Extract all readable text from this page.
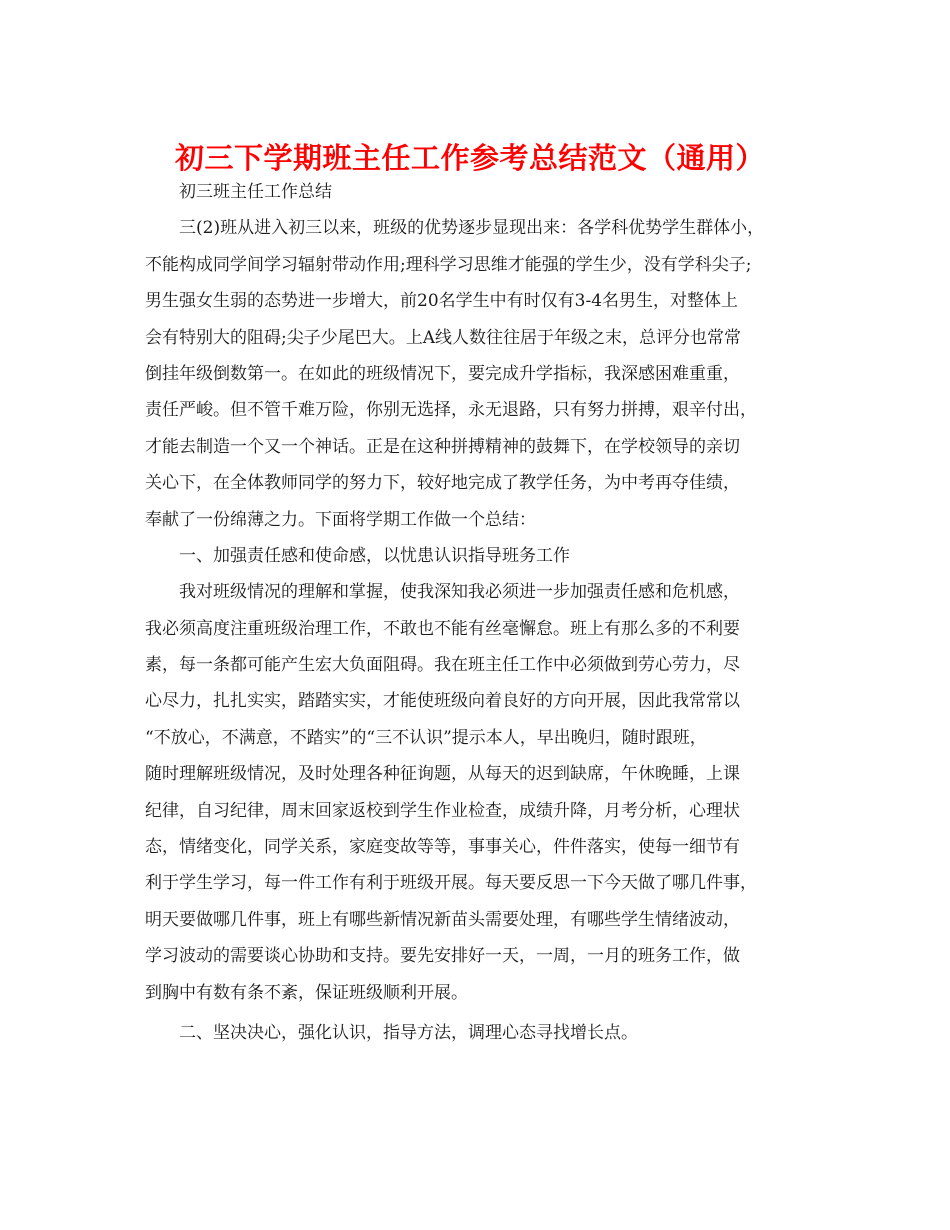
初三下学期班主任工作参考总结范文（通用）
初三班主任工作总结
三(2)班从进入初三以来，班级的优势逐步显现出来：各学科优势学生群体小，
不能构成同学间学习辐射带动作用;理科学习思维才能强的学生少，没有学科尖子;
男生强女生弱的态势进一步增大，前20名学生中有时仅有3-4名男生，对整体上
会有特别大的阻碍;尖子少尾巴大。上A线人数往往居于年级之末，总评分也常常
倒挂年级倒数第一。在如此的班级情况下，要完成升学指标，我深感困难重重，
责任严峻。但不管千难万险，你别无选择，永无退路，只有努力拼搏，艰辛付出，
才能去制造一个又一个神话。正是在这种拼搏精神的鼓舞下，在学校领导的亲切
关心下，在全体教师同学的努力下，较好地完成了教学任务，为中考再夺佳绩，
奉献了一份绵薄之力。下面将学期工作做一个总结：
一、加强责任感和使命感，以忧患认识指导班务工作
我对班级情况的理解和掌握，使我深知我必须进一步加强责任感和危机感，
我必须高度注重班级治理工作，不敢也不能有丝毫懈怠。班上有那么多的不利要
素，每一条都可能产生宏大负面阻碍。我在班主任工作中必须做到劳心劳力，尽
心尽力，扎扎实实，踏踏实实，才能使班级向着良好的方向开展，因此我常常以
“不放心，不满意，不踏实”的“三不认识”提示本人，早出晚归，随时跟班，
随时理解班级情况，及时处理各种征询题，从每天的迟到缺席，午休晚睡，上课
纪律，自习纪律，周末回家返校到学生作业检查，成绩升降，月考分析，心理状
态，情绪变化，同学关系，家庭变故等等，事事关心，件件落实，使每一细节有
利于学生学习，每一件工作有利于班级开展。每天要反思一下今天做了哪几件事，
明天要做哪几件事，班上有哪些新情况新苗头需要处理，有哪些学生情绪波动，
学习波动的需要谈心协助和支持。要先安排好一天，一周，一月的班务工作，做
到胸中有数有条不紊，保证班级顺利开展。
二、坚决决心，强化认识，指导方法，调理心态寻找增长点。
